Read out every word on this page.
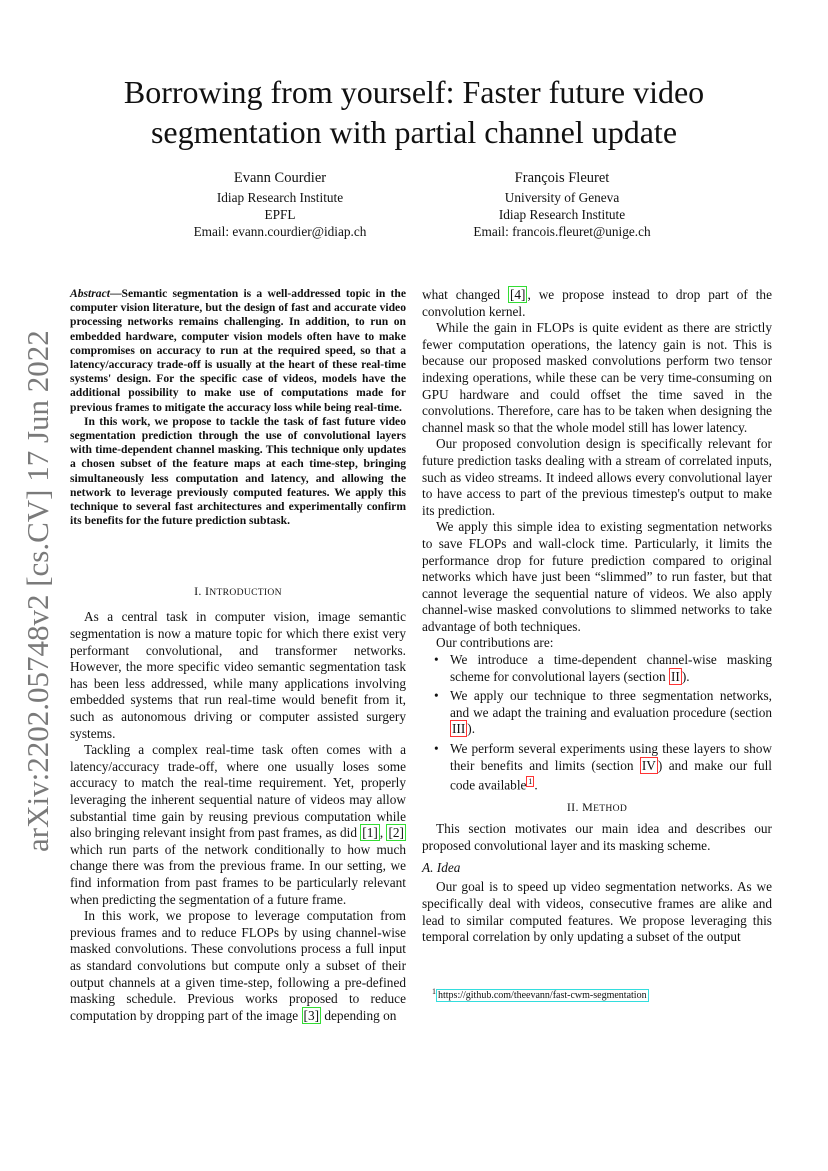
arXiv:2202.05748v2 [cs.CV] 17 Jun 2022
Borrowing from yourself: Faster future video
segmentation with partial channel update
Evann Courdier
Idiap Research Institute
EPFL
Email: evann.courdier@idiap.ch
François Fleuret
University of Geneva
Idiap Research Institute
Email: francois.fleuret@unige.ch

Abstract—Semantic segmentation is a well-addressed topic in the computer vision literature, but the design of fast and accurate video processing networks remains challenging. In addition, to run on embedded hardware, computer vision models often have to make compromises on accuracy to run at the required speed, so that a latency/accuracy trade-off is usually at the heart of these real-time systems' design. For the specific case of videos, models have the additional possibility to make use of computations made for previous frames to mitigate the accuracy loss while being real-time.

In this work, we propose to tackle the task of fast future video segmentation prediction through the use of convolutional layers with time-dependent channel masking. This technique only updates a chosen subset of the feature maps at each time-step, bringing simultaneously less computation and latency, and allowing the network to leverage previously computed features. We apply this technique to several fast architectures and experimentally confirm its benefits for the future prediction subtask.

I. INTRODUCTION

As a central task in computer vision, image semantic segmentation is now a mature topic for which there exist very performant convolutional, and transformer networks. However, the more specific video semantic segmentation task has been less addressed, while many applications involving embedded systems that run real-time would benefit from it, such as autonomous driving or computer assisted surgery systems.

Tackling a complex real-time task often comes with a latency/accuracy trade-off, where one usually loses some accuracy to match the real-time requirement. Yet, properly leveraging the inherent sequential nature of videos may allow substantial time gain by reusing previous computation while also bringing relevant insight from past frames, as did [1] , [2] which run parts of the network conditionally to how much change there was from the previous frame. In our setting, we find information from past frames to be particularly relevant when predicting the segmentation of a future frame.

In this work, we propose to leverage computation from previous frames and to reduce FLOPs by using channel-wise masked convolutions. These convolutions process a full input as standard convolutions but compute only a subset of their output channels at a given time-step, following a pre-defined masking schedule. Previous works proposed to reduce computation by dropping part of the image [3] depending on

what changed [4] , we propose instead to drop part of the convolution kernel.

While the gain in FLOPs is quite evident as there are strictly fewer computation operations, the latency gain is not. This is because our proposed masked convolutions perform two tensor indexing operations, while these can be very time-consuming on GPU hardware and could offset the time saved in the convolutions. Therefore, care has to be taken when designing the channel mask so that the whole model still has lower latency.

Our proposed convolution design is specifically relevant for future prediction tasks dealing with a stream of correlated inputs, such as video streams. It indeed allows every convolutional layer to have access to part of the previous timestep's output to make its prediction.

We apply this simple idea to existing segmentation networks to save FLOPs and wall-clock time. Particularly, it limits the performance drop for future prediction compared to original networks which have just been “slimmed” to run faster, but that cannot leverage the sequential nature of videos. We also apply channel-wise masked convolutions to slimmed networks to take advantage of both techniques.

Our contributions are:

• We introduce a time-dependent channel-wise masking scheme for convolutional layers (section II ).
• We apply our technique to three segmentation networks, and we adapt the training and evaluation procedure (section III ).
• We perform several experiments using these layers to show their benefits and limits (section IV ) and make our full code available $^1$ .
II. METHOD

This section motivates our main idea and describes our proposed convolutional layer and its masking scheme.

A. Idea

Our goal is to speed up video segmentation networks. As we specifically deal with videos, consecutive frames are alike and lead to similar computed features. We propose leveraging this temporal correlation by only updating a subset of the output

$^1$ https://github.com/theevann/fast-cwm-segmentation
